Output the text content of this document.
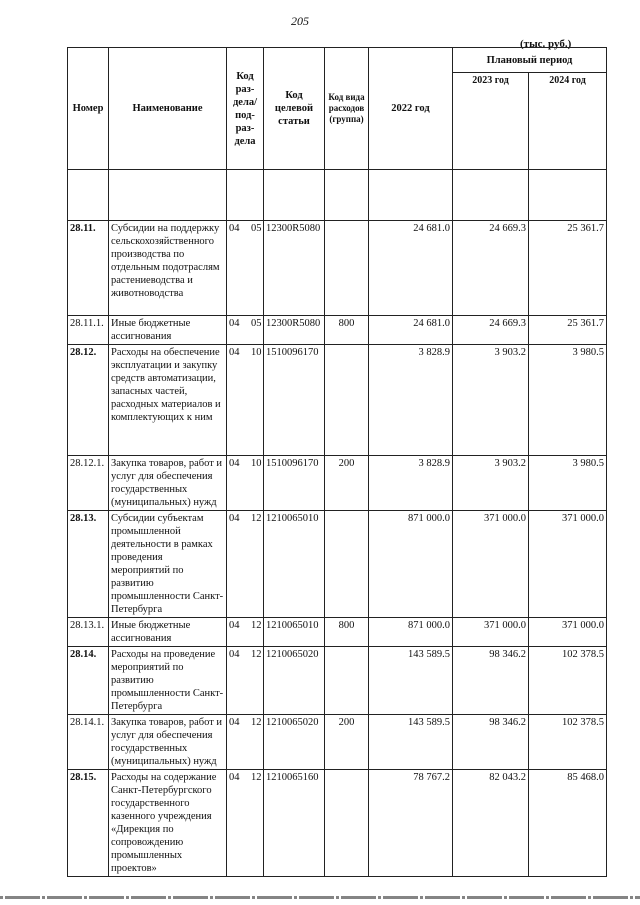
205
(тыс. руб.)
Номер	Наименование	Код раз-дела/ под-раз-дела	Код целевой статьи	Код вида расходов (группа)	2022 год	Плановый период	
						2023 год	2024 год

28.11.	Субсидии на поддержку сельскохозяйственного производства по отдельным подотраслям растениеводства и животноводства	04 05	12300R5080		24 681.0	24 669.3	25 361.7
28.11.1.	Иные бюджетные ассигнования	04 05	12300R5080	800	24 681.0	24 669.3	25 361.7
28.12.	Расходы на обеспечение эксплуатации и закупку средств автоматизации, запасных частей, расходных материалов и комплектующих к ним	04 10	1510096170		3 828.9	3 903.2	3 980.5
28.12.1.	Закупка товаров, работ и услуг для обеспечения государственных (муниципальных) нужд	04 10	1510096170	200	3 828.9	3 903.2	3 980.5
28.13.	Субсидии субъектам промышленной деятельности в рамках проведения мероприятий по развитию промышленности Санкт-Петербурга	04 12	1210065010		871 000.0	371 000.0	371 000.0
28.13.1.	Иные бюджетные ассигнования	04 12	1210065010	800	871 000.0	371 000.0	371 000.0
28.14.	Расходы на проведение мероприятий по развитию промышленности Санкт-Петербурга	04 12	1210065020		143 589.5	98 346.2	102 378.5
28.14.1.	Закупка товаров, работ и услуг для обеспечения государственных (муниципальных) нужд	04 12	1210065020	200	143 589.5	98 346.2	102 378.5
28.15.	Расходы на содержание Санкт-Петербургского государственного казенного учреждения «Дирекция по сопровождению промышленных проектов»	04 12	1210065160		78 767.2	82 043.2	85 468.0
